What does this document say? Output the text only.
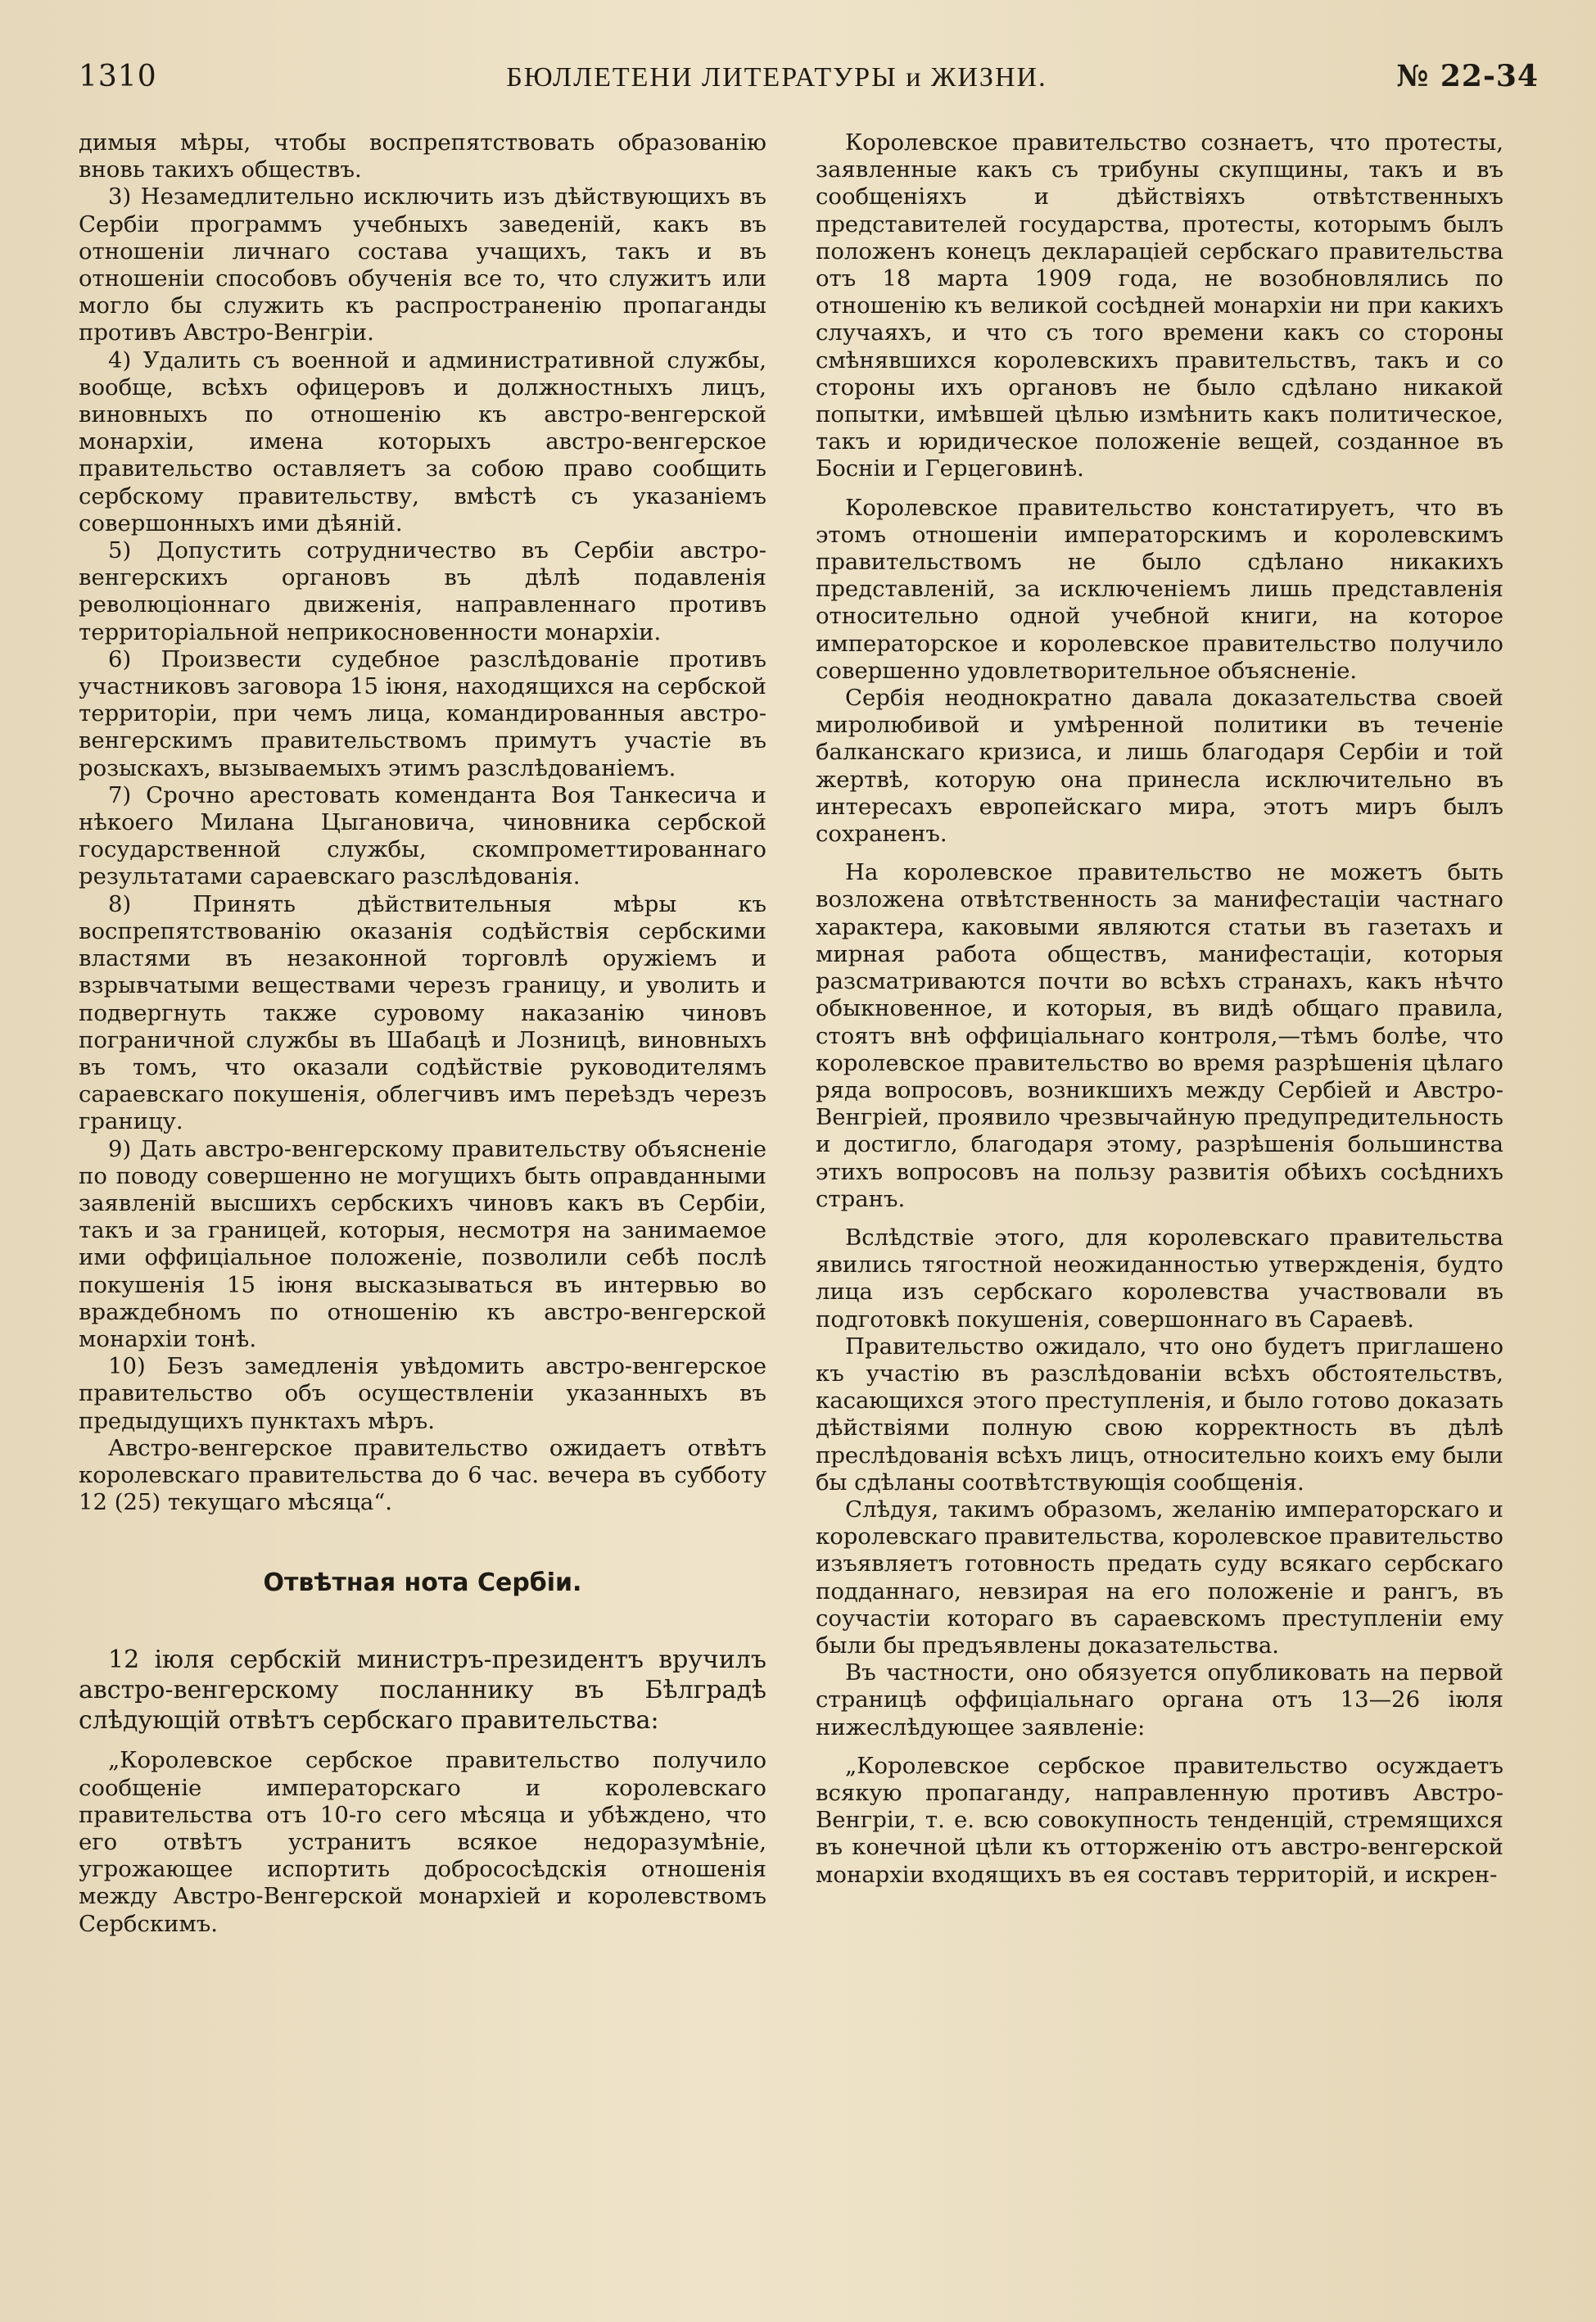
1310	БЮЛЛЕТЕНИ ЛИТЕРАТУРЫ и ЖИЗНИ.	№ 22-34

димыя мѣры, чтобы воспрепятствовать образованію вновь такихъ обществъ.

3) Незамедлительно исключить изъ дѣйствующихъ въ Сербіи программъ учебныхъ заведеній, какъ въ отношеніи личнаго состава учащихъ, такъ и въ отношеніи способовъ обученія все то, что служитъ или могло бы служить къ распространенію пропаганды противъ Австро-Венгріи.

4) Удалить съ военной и административной службы, вообще, всѣхъ офицеровъ и должностныхъ лицъ, виновныхъ по отношенію къ австро-венгерской монархіи, имена которыхъ австро-венгерское правительство оставляетъ за собою право сообщить сербскому правительству, вмѣстѣ съ указаніемъ совершонныхъ ими дѣяній.

5) Допустить сотрудничество въ Сербіи австро-венгерскихъ органовъ въ дѣлѣ подавленія революціоннаго движенія, направленнаго противъ территоріальной неприкосновенности монархіи.

6) Произвести судебное разслѣдованіе противъ участниковъ заговора 15 іюня, находящихся на сербской территоріи, при чемъ лица, командированныя австро-венгерскимъ правительствомъ примутъ участіе въ розыскахъ, вызываемыхъ этимъ разслѣдованіемъ.

7) Срочно арестовать коменданта Воя Танкесича и нѣкоего Милана Цыгановича, чиновника сербской государственной службы, скомпрометтированнаго результатами сараевскаго разслѣдованія.

8) Принять дѣйствительныя мѣры къ воспрепятствованію оказанія содѣйствія сербскими властями въ незаконной торговлѣ оружіемъ и взрывчатыми веществами черезъ границу, и уволить и подвергнуть также суровому наказанію чиновъ пограничной службы въ Шабацѣ и Лозницѣ, виновныхъ въ томъ, что оказали содѣйствіе руководителямъ сараевскаго покушенія, облегчивъ имъ переѣздъ черезъ границу.

9) Дать австро-венгерскому правительству объясненіе по поводу совершенно не могущихъ быть оправданными заявленій высшихъ сербскихъ чиновъ какъ въ Сербіи, такъ и за границей, которыя, несмотря на занимаемое ими оффиціальное положеніе, позволили себѣ послѣ покушенія 15 іюня высказываться въ интервью во враждебномъ по отношенію къ австро-венгерской монархіи тонѣ.

10) Безъ замедленія увѣдомить австро-венгерское правительство объ осуществленіи указанныхъ въ предыдущихъ пунктахъ мѣръ.

Австро-венгерское правительство ожидаетъ отвѣтъ королевскаго правительства до 6 час. вечера въ субботу 12 (25) текущаго мѣсяца“.

Отвѣтная нота Сербіи.

12 іюля сербскій министръ-президентъ вручилъ австро-венгерскому посланнику въ Бѣлградѣ слѣдующій отвѣтъ сербскаго правительства:

„Королевское сербское правительство получило сообщеніе императорскаго и королевскаго правительства отъ 10-го сего мѣсяца и убѣждено, что его отвѣтъ устранитъ всякое недоразумѣніе, угрожающее испортить добрососѣдскія отношенія между Австро-Венгерской монархіей и королевствомъ Сербскимъ.

Королевское правительство сознаетъ, что протесты, заявленные какъ съ трибуны скупщины, такъ и въ сообщеніяхъ и дѣйствіяхъ отвѣтственныхъ представителей государства, протесты, которымъ былъ положенъ конецъ декларацiей сербскаго правительства отъ 18 марта 1909 года, не возобновлялись по отношенію къ великой сосѣдней монархіи ни при какихъ случаяхъ, и что съ того времени какъ со стороны смѣнявшихся королевскихъ правительствъ, такъ и со стороны ихъ органовъ не было сдѣлано никакой попытки, имѣвшей цѣлью измѣнить какъ политическое, такъ и юридическое положеніе вещей, созданное въ Босніи и Герцеговинѣ.

Королевское правительство констатируетъ, что въ этомъ отношеніи императорскимъ и королевскимъ правительствомъ не было сдѣлано никакихъ представленій, за исключеніемъ лишь представленія относительно одной учебной книги, на которое императорское и королевское правительство получило совершенно удовлетворительное объясненіе.

Сербія неоднократно давала доказательства своей миролюбивой и умѣренной политики въ теченіе балканскаго кризиса, и лишь благодаря Сербіи и той жертвѣ, которую она принесла исключительно въ интересахъ европейскаго мира, этотъ миръ былъ сохраненъ.

На королевское правительство не можетъ быть возложена отвѣтственность за манифестаціи частнаго характера, каковыми являются статьи въ газетахъ и мирная работа обществъ, манифестаціи, которыя разсматриваются почти во всѣхъ странахъ, какъ нѣчто обыкновенное, и которыя, въ видѣ общаго правила, стоятъ внѣ оффиціальнаго контроля,—тѣмъ болѣе, что королевское правительство во время разрѣшенія цѣлаго ряда вопросовъ, возникшихъ между Сербіей и Австро-Венгріей, проявило чрезвычайную предупредительность и достигло, благодаря этому, разрѣшенія большинства этихъ вопросовъ на пользу развитія обѣихъ сосѣднихъ странъ.

Вслѣдствіе этого, для королевскаго правительства явились тягостной неожиданностью утвержденія, будто лица изъ сербскаго королевства участвовали въ подготовкѣ покушенія, совершоннаго въ Сараевѣ.

Правительство ожидало, что оно будетъ приглашено къ участію въ разслѣдованіи всѣхъ обстоятельствъ, касающихся этого преступленія, и было готово доказать дѣйствіями полную свою корректность въ дѣлѣ преслѣдованія всѣхъ лицъ, относительно коихъ ему были бы сдѣланы соотвѣтствующія сообщенія.

Слѣдуя, такимъ образомъ, желанію императорскаго и королевскаго правительства, королевское правительство изъявляетъ готовность предать суду всякаго сербскаго подданнаго, невзирая на его положеніе и рангъ, въ соучастіи котораго въ сараевскомъ преступленіи ему были бы предъявлены доказательства.

Въ частности, оно обязуется опубликовать на первой страницѣ оффиціальнаго органа отъ 13—26 іюля нижеслѣдующее заявленіе:

„Королевское сербское правительство осуждаетъ всякую пропаганду, направленную противъ Австро-Венгріи, т. е. всю совокупность тенденцій, стремящихся въ конечной цѣли къ отторженію отъ австро-венгерской монархіи входящихъ въ ея составъ территорій, и искрен-
